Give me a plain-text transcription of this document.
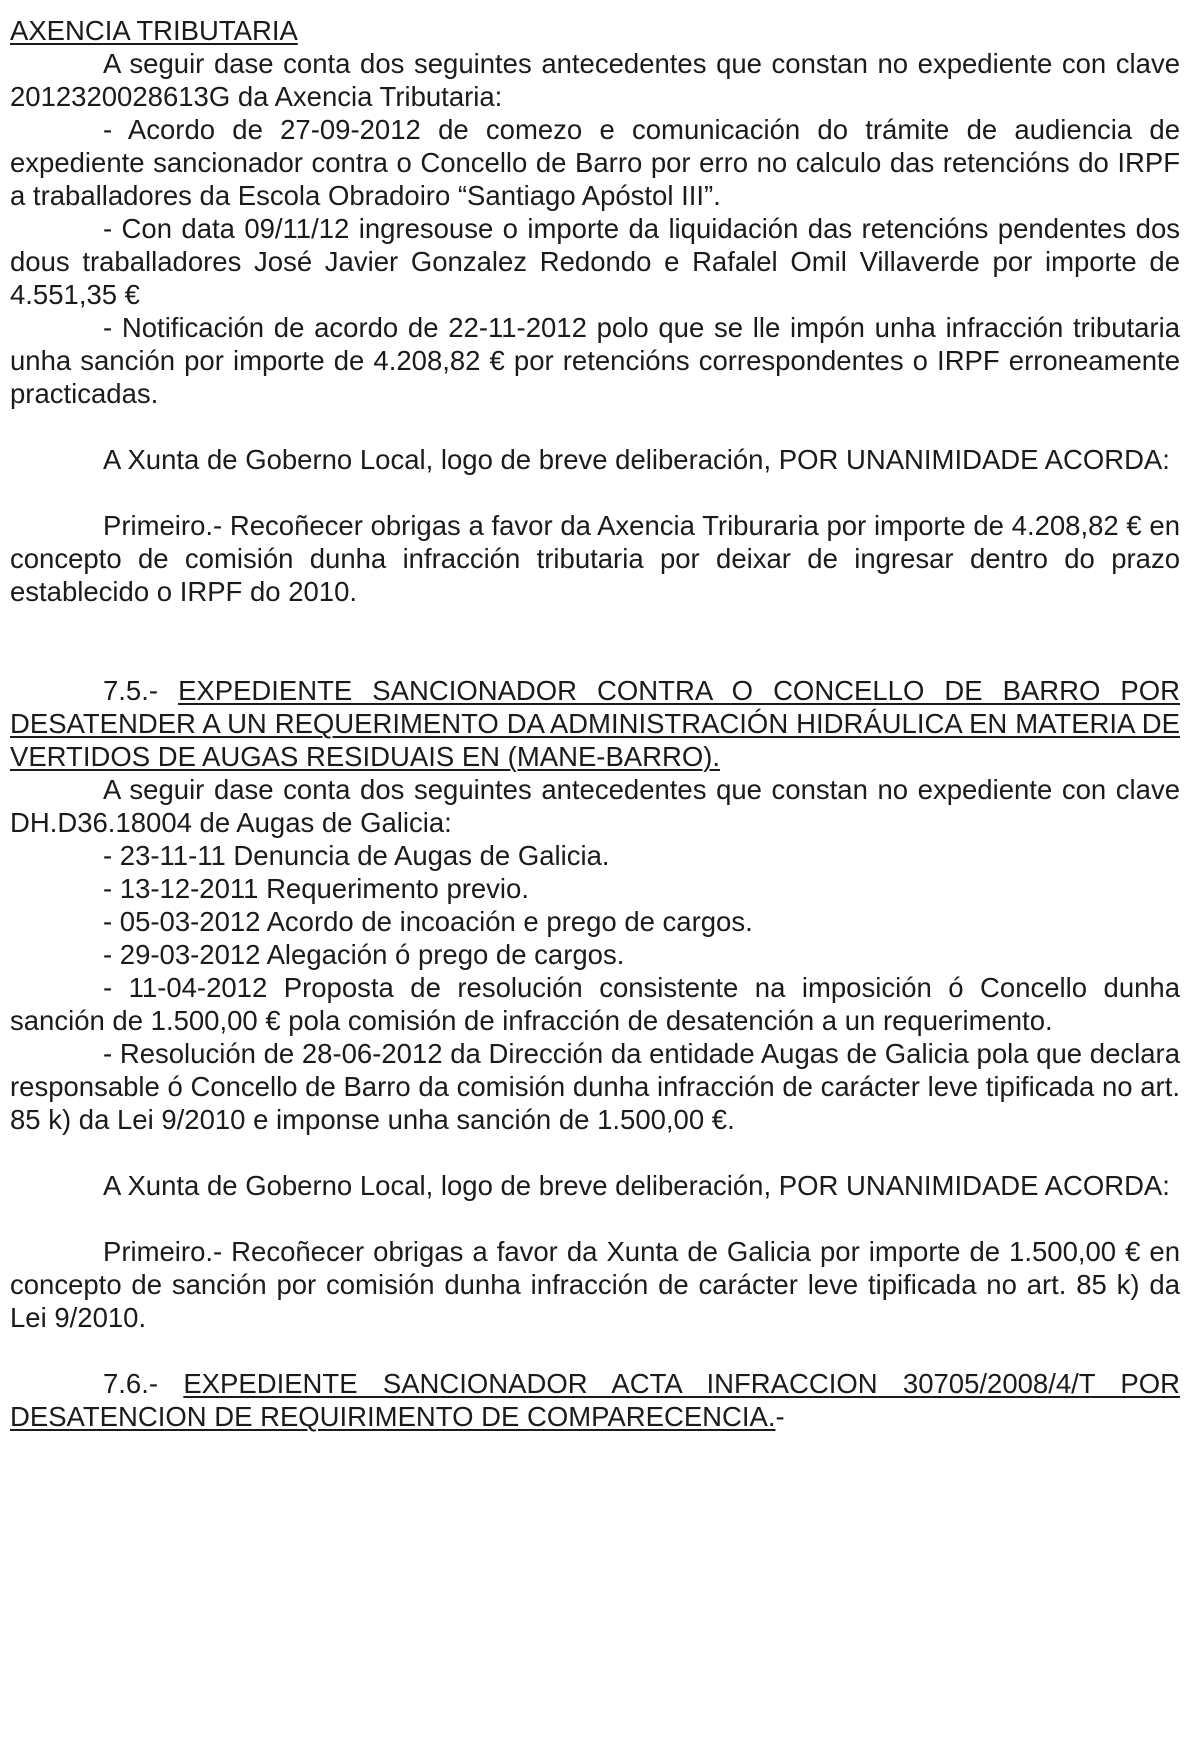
AXENCIA TRIBUTARIA

A seguir dase conta dos seguintes antecedentes que constan no expediente con clave 20123200286​13G da Axencia Tributaria:

- Acordo de 27-09-2012 de comezo e comunicación do trámite de audiencia de expediente sancionador contra o Concello de Barro por erro no calculo das retencións do IRPF a traballadores da Escola Obradoiro “Santiago Apóstol III”.

- Con data 09/11/12 ingresouse o importe da liquidación das retencións pendentes dos dous traballadores José Javier Gonzalez Redondo e Rafalel Omil Villaverde por importe de 4.551,35 €

- Notificación de acordo de 22-11-2012 polo que se lle impón unha infracción tributaria unha sanción por importe de 4.208,82 € por retencións correspondentes o IRPF erroneamente practicadas.

A Xunta de Goberno Local, logo de breve deliberación, POR UNANIMIDADE ACORDA:

Primeiro.- Recoñecer obrigas a favor da Axencia Triburaria por importe de 4.208,82 € en concepto de comisión dunha infracción tributaria por deixar de ingresar dentro do prazo establecido o IRPF do 2010.

7.5.- EXPEDIENTE SANCIONADOR CONTRA O CONCELLO DE BARRO POR DESATENDER A UN REQUERIMENTO DA ADMINISTRACIÓN HIDRÁULICA EN MATERIA DE VERTIDOS DE AUGAS RESIDUAIS EN (MANE-BARRO).

A seguir dase conta dos seguintes antecedentes que constan no expediente con clave DH.D36.18004 de Augas de Galicia:

- 23-11-11 Denuncia de Augas de Galicia.

- 13-12-2011 Requerimento previo.

- 05-03-2012 Acordo de incoación e prego de cargos.

- 29-03-2012 Alegación ó prego de cargos.

- 11-04-2012 Proposta de resolución consistente na imposición ó Concello dunha sanción de 1.500,00 € pola comisión de infracción de desatención a un requerimento.

- Resolución de 28-06-2012 da Dirección da entidade Augas de Galicia pola que declara responsable ó Concello de Barro da comisión dunha infracción de carácter leve tipificada no art. 85 k) da Lei 9/2010 e imponse unha sanción de 1.500,00 €.

A Xunta de Goberno Local, logo de breve deliberación, POR UNANIMIDADE ACORDA:

Primeiro.- Recoñecer obrigas a favor da Xunta de Galicia por importe de 1.500,00 € en concepto de sanción por comisión dunha infracción de carácter leve tipificada no art. 85 k) da Lei 9/2010.

7.6.- EXPEDIENTE SANCIONADOR ACTA INFRACCION 30705/2008/4/T POR DESATENCION DE REQUIRIMENTO DE COMPARECENCIA.-
